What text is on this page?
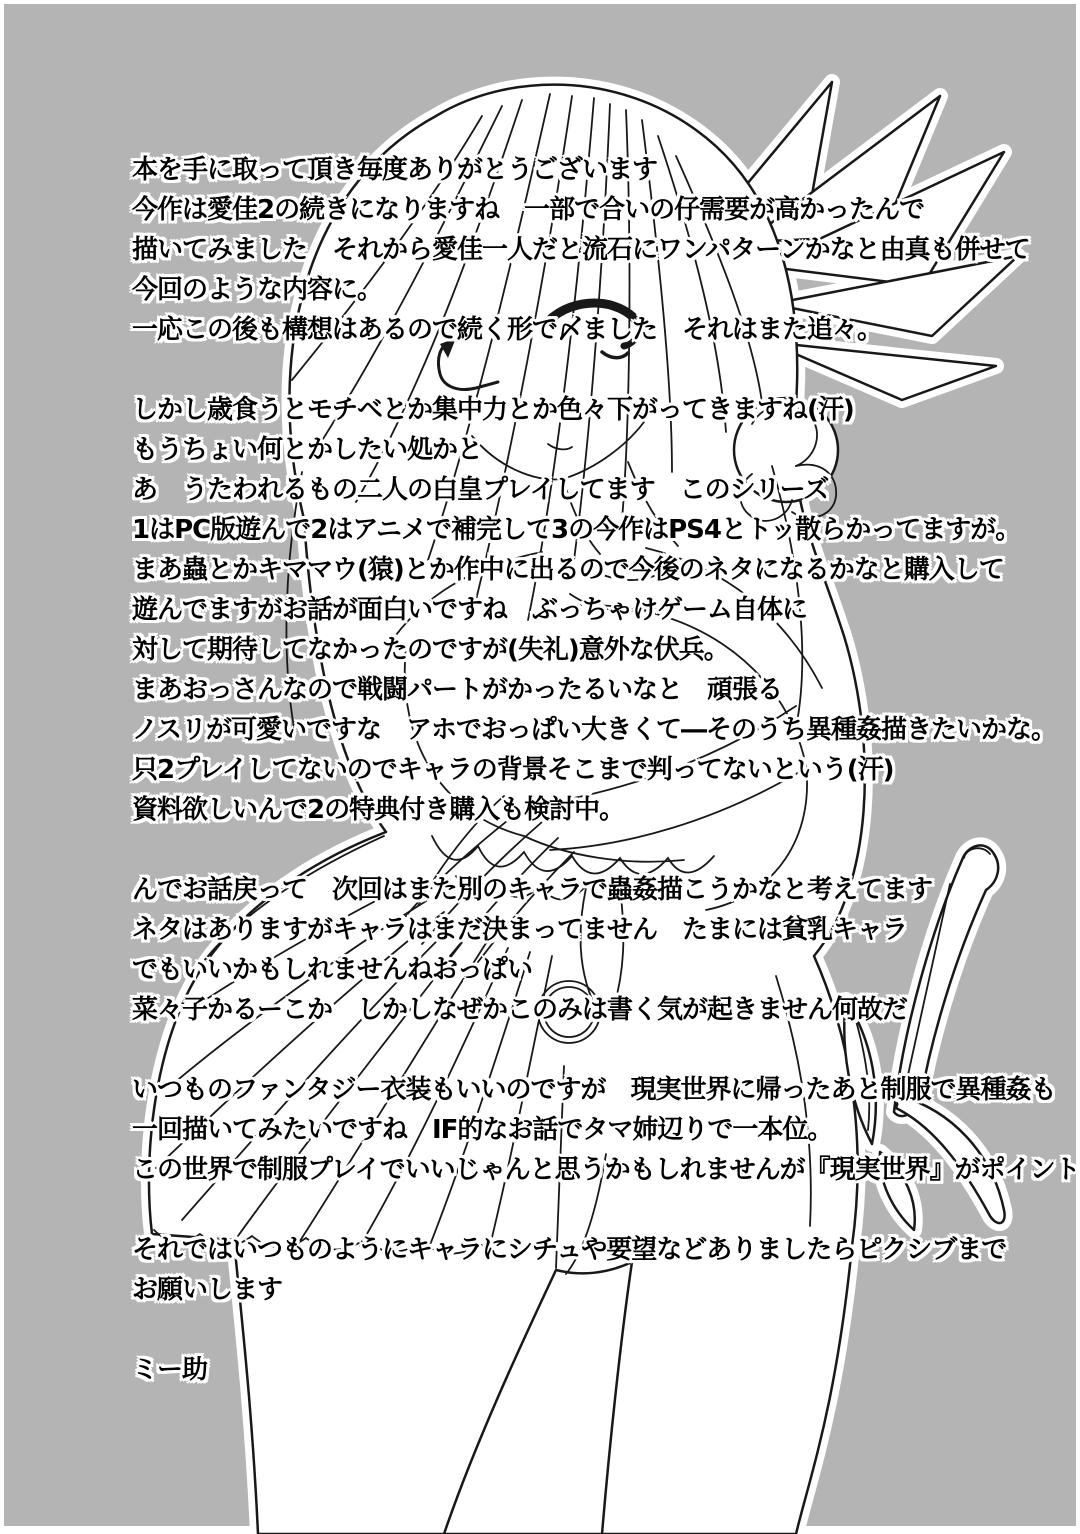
本を手に取って頂き毎度ありがとうございます
今作は愛佳2の続きになりますね　一部で合いの仔需要が高かったんで
描いてみました　それから愛佳一人だと流石にワンパターンかなと由真も併せて
今回のような内容に。
一応この後も構想はあるので続く形で〆ました　それはまた追々。
しかし歳食うとモチベとか集中力とか色々下がってきますね(汗)
もうちょい何とかしたい処かと
あ　うたわれるもの二人の白皇プレイしてます　このシリーズ
1はPC版遊んで2はアニメで補完して3の今作はPS4とトッ散らかってますが。
まあ蟲とかキママウ(猿)とか作中に出るので今後のネタになるかなと購入して
遊んでますがお話が面白いですね　ぶっちゃけゲーム自体に
対して期待してなかったのですが(失礼)意外な伏兵。
まあおっさんなので戦闘パートがかったるいなと　頑張る
ノスリが可愛いですな　アホでおっぱい大きくて―そのうち異種姦描きたいかな。
只2プレイしてないのでキャラの背景そこまで判ってないという(汗)
資料欲しいんで2の特典付き購入も検討中。
んでお話戻って　次回はまた別のキャラで蟲姦描こうかなと考えてます
ネタはありますがキャラはまだ決まってません　たまには貧乳キャラ
でもいいかもしれませんねおっぱい
菜々子かるーこか　しかしなぜかこのみは書く気が起きません何故だ
いつものファンタジー衣装もいいのですが　現実世界に帰ったあと制服で異種姦も
一回描いてみたいですね　IF的なお話でタマ姉辺りで一本位。
この世界で制服プレイでいいじゃんと思うかもしれませんが『現実世界』がポイント
それではいつものようにキャラにシチュや要望などありましたらピクシブまで
お願いします
ミー助
